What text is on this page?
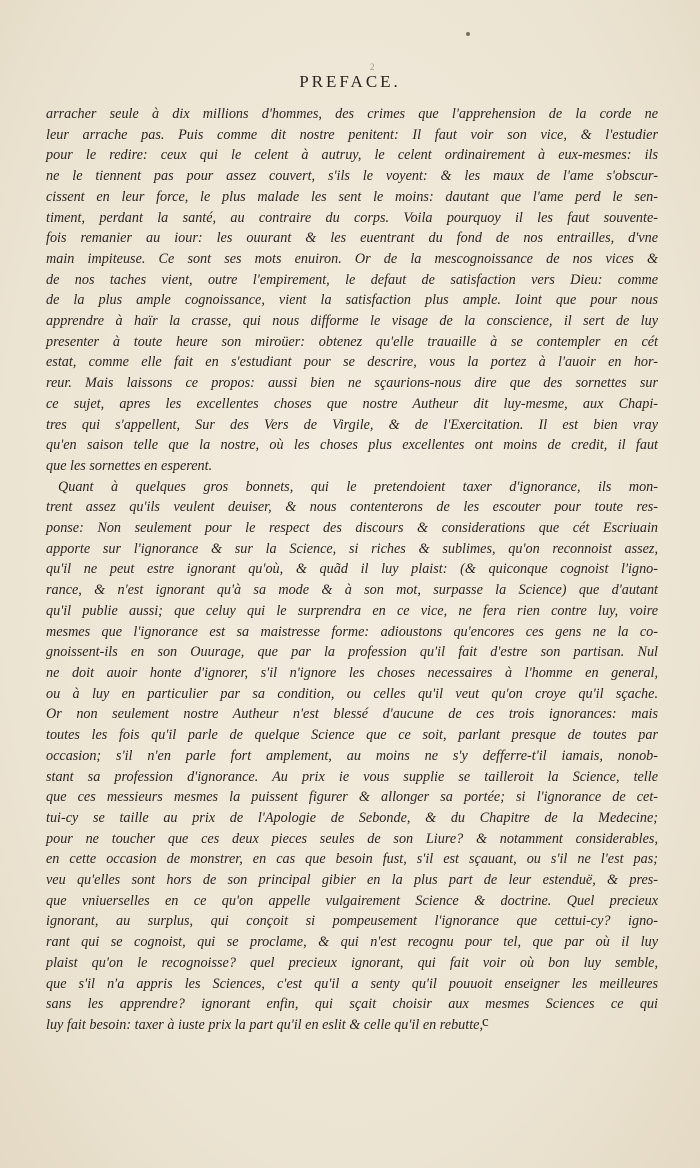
2
PREFACE.
arracher seule à dix millions d'hommes, des crimes que l'apprehension de la corde ne
leur arrache pas. Puis comme dit nostre penitent: Il faut voir son vice, & l'estudier
pour le redire: ceux qui le celent à autruy, le celent ordinairement à eux-mesmes: ils
ne le tiennent pas pour assez couvert, s'ils le voyent: & les maux de l'ame s'obscur-
cissent en leur force, le plus malade les sent le moins: dautant que l'ame perd le sen-
timent, perdant la santé, au contraire du corps. Voila pourquoy il les faut souvente-
fois remanier au iour: les ouurant & les euentrant du fond de nos entrailles, d'vne
main impiteuse. Ce sont ses mots enuiron. Or de la mescognoissance de nos vices &
de nos taches vient, outre l'empirement, le defaut de satisfaction vers Dieu: comme
de la plus ample cognoissance, vient la satisfaction plus ample. Ioint que pour nous
apprendre à haïr la crasse, qui nous difforme le visage de la conscience, il sert de luy
presenter à toute heure son miroüer: obtenez qu'elle trauaille à se contempler en cét
estat, comme elle fait en s'estudiant pour se descrire, vous la portez à l'auoir en hor-
reur. Mais laissons ce propos: aussi bien ne sçaurions-nous dire que des sornettes sur
ce sujet, apres les excellentes choses que nostre Autheur dit luy-mesme, aux Chapi-
tres qui s'appellent, Sur des Vers de Virgile, & de l'Exercitation. Il est bien vray
qu'en saison telle que la nostre, où les choses plus excellentes ont moins de credit, il faut
que les sornettes en esperent.
Quant à quelques gros bonnets, qui le pretendoient taxer d'ignorance, ils mon-
trent assez qu'ils veulent deuiser, & nous contenterons de les escouter pour toute res-
ponse: Non seulement pour le respect des discours & considerations que cét Escriuain
apporte sur l'ignorance & sur la Science, si riches & sublimes, qu'on reconnoist assez,
qu'il ne peut estre ignorant qu'où, & quãd il luy plaist: (& quiconque cognoist l'igno-
rance, & n'est ignorant qu'à sa mode & à son mot, surpasse la Science) que d'autant
qu'il publie aussi; que celuy qui le surprendra en ce vice, ne fera rien contre luy, voire
mesmes que l'ignorance est sa maistresse forme: adioustons qu'encores ces gens ne la co-
gnoissent-ils en son Ouurage, que par la profession qu'il fait d'estre son partisan. Nul
ne doit auoir honte d'ignorer, s'il n'ignore les choses necessaires à l'homme en general,
ou à luy en particulier par sa condition, ou celles qu'il veut qu'on croye qu'il sçache.
Or non seulement nostre Autheur n'est blessé d'aucune de ces trois ignorances: mais
toutes les fois qu'il parle de quelque Science que ce soit, parlant presque de toutes par
occasion; s'il n'en parle fort amplement, au moins ne s'y defferre-t'il iamais, nonob-
stant sa profession d'ignorance. Au prix ie vous supplie se tailleroit la Science, telle
que ces messieurs mesmes la puissent figurer & allonger sa portée; si l'ignorance de cet-
tui-cy se taille au prix de l'Apologie de Sebonde, & du Chapitre de la Medecine;
pour ne toucher que ces deux pieces seules de son Liure? & notamment considerables,
en cette occasion de monstrer, en cas que besoin fust, s'il est sçauant, ou s'il ne l'est pas;
veu qu'elles sont hors de son principal gibier en la plus part de leur estenduë, & pres-
que vniuerselles en ce qu'on appelle vulgairement Science & doctrine. Quel precieux
ignorant, au surplus, qui conçoit si pompeusement l'ignorance que cettui-cy? igno-
rant qui se cognoist, qui se proclame, & qui n'est recognu pour tel, que par où il luy
plaist qu'on le recognoisse? quel precieux ignorant, qui fait voir où bon luy semble,
que s'il n'a appris les Sciences, c'est qu'il a senty qu'il pouuoit enseigner les meilleures
sans les apprendre? ignorant enfin, qui sçait choisir aux mesmes Sciences ce qui
luy fait besoin: taxer à iuste prix la part qu'il en eslit & celle qu'il en rebutte, c
